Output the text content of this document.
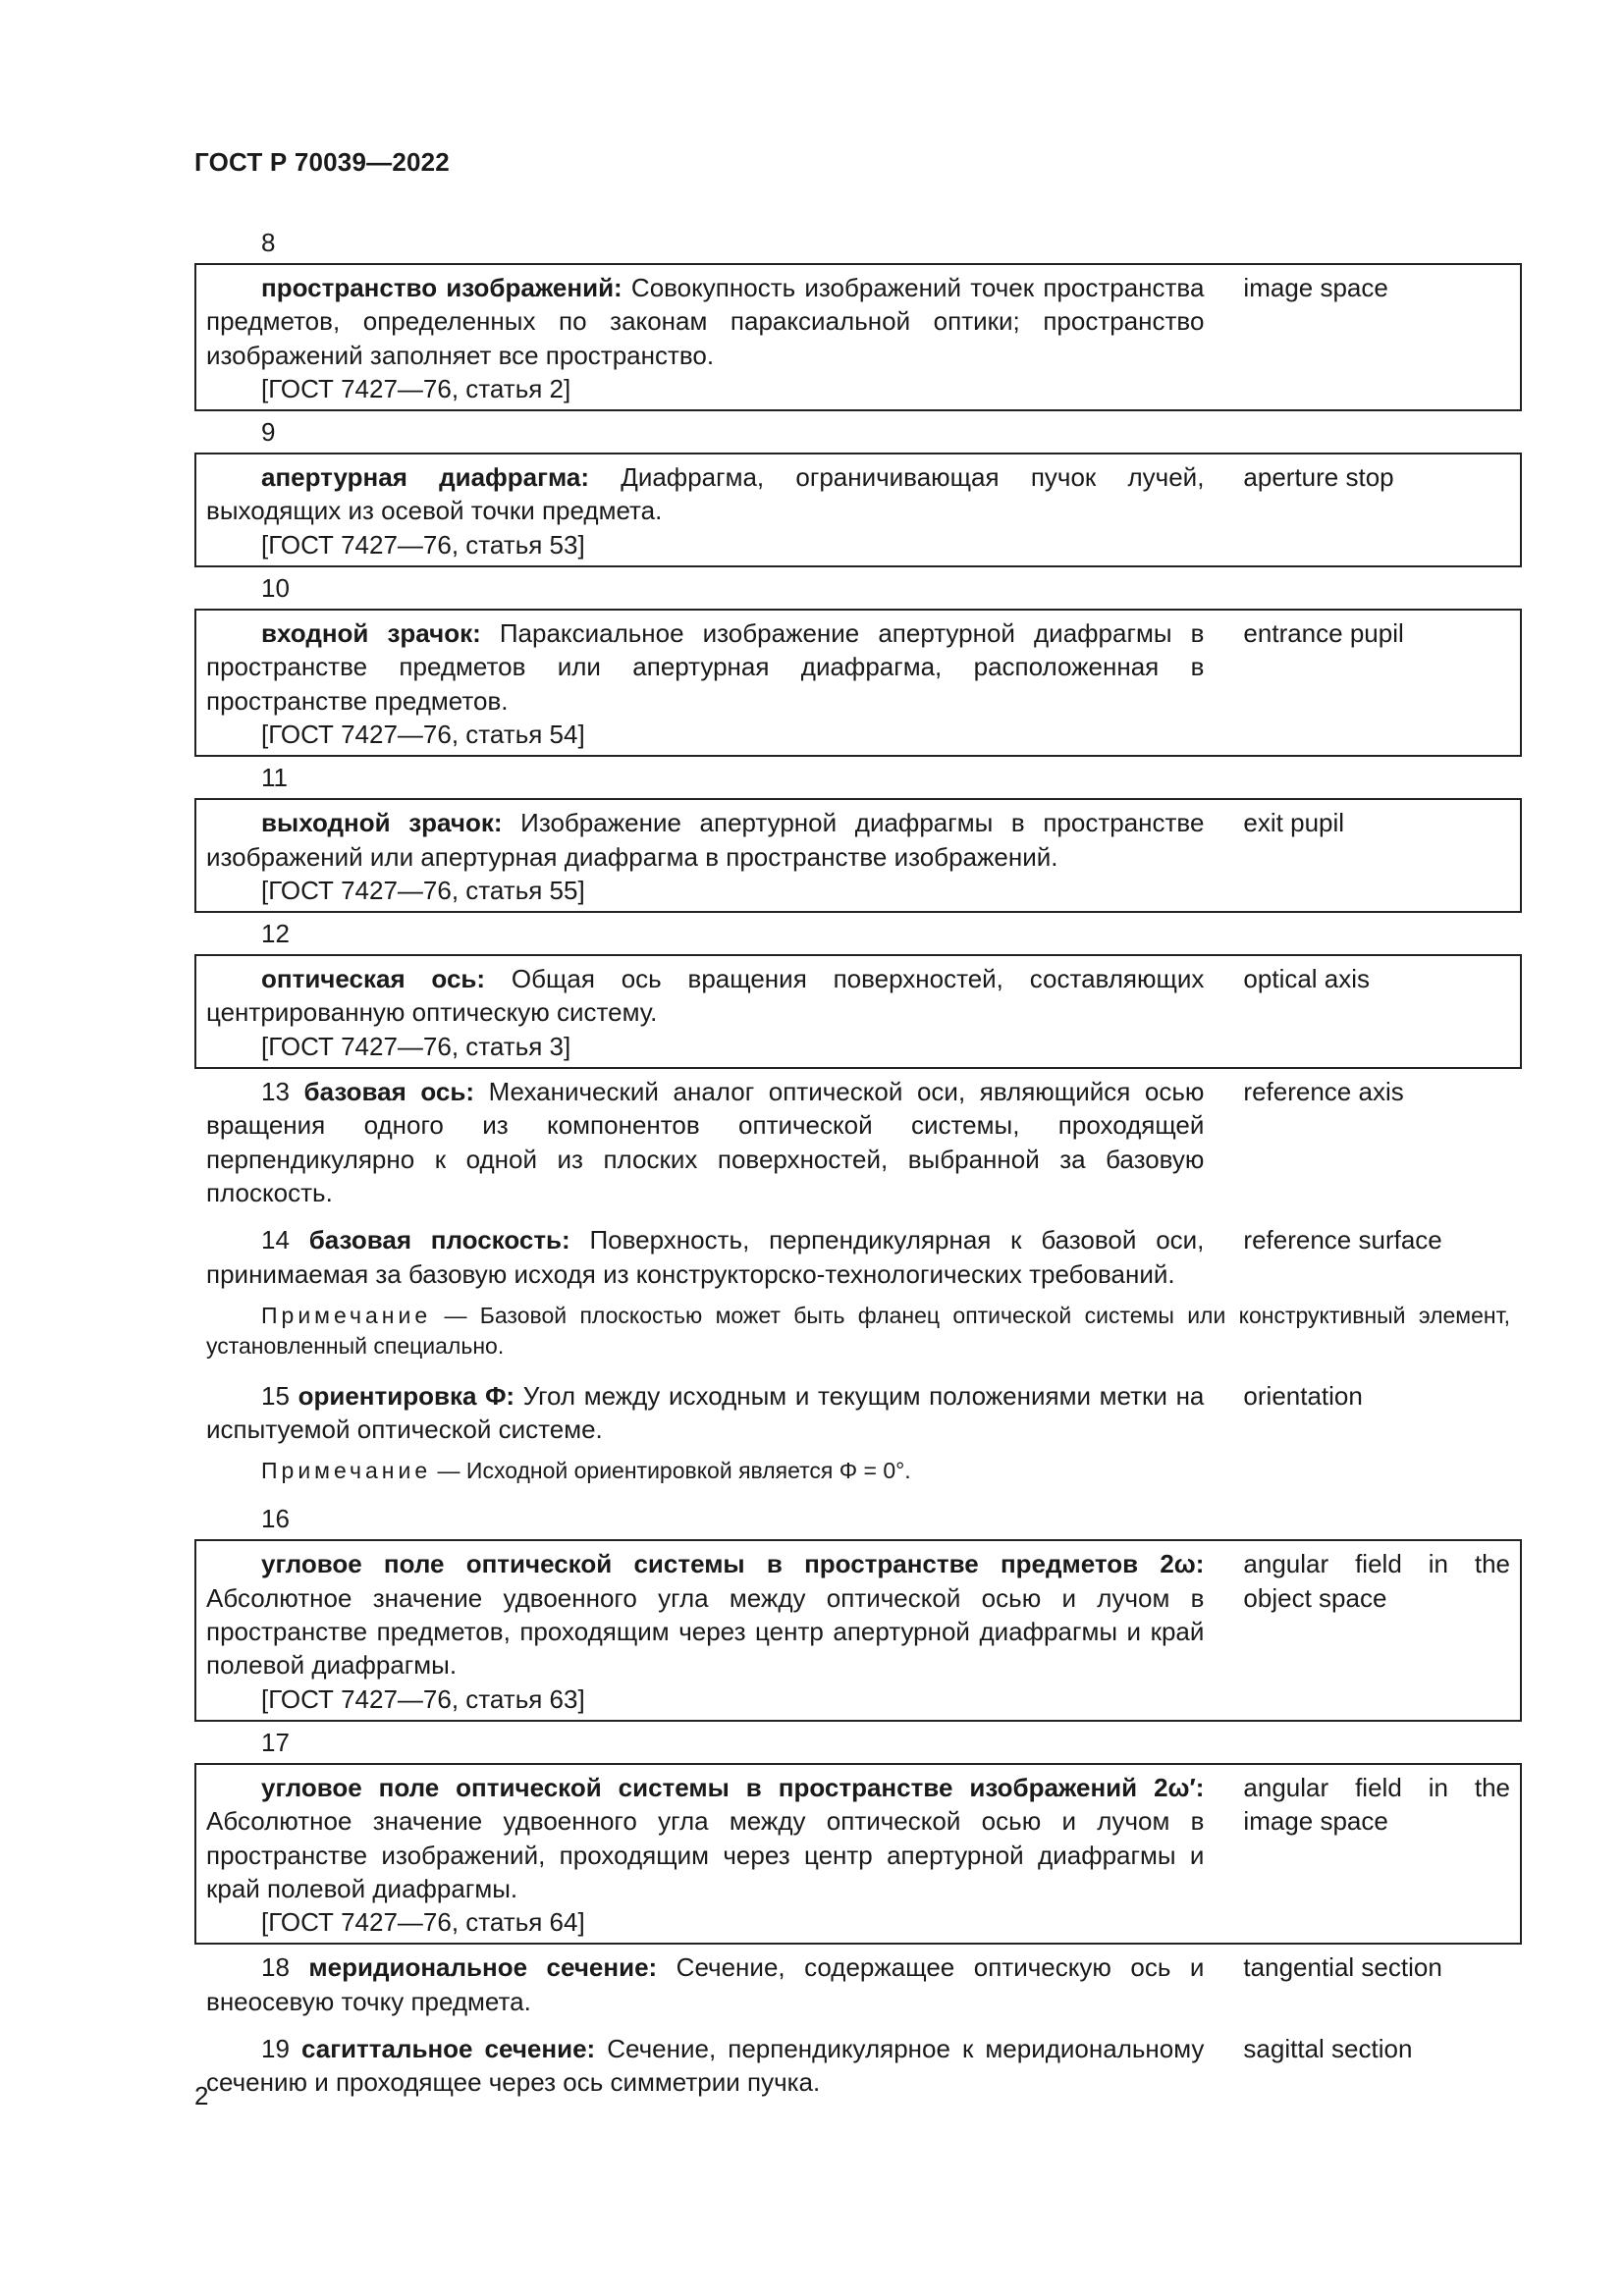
ГОСТ Р 70039—2022
8
пространство изображений: Совокупность изображений точек пространства предметов, определенных по законам параксиальной оптики; пространство изображений заполняет все пространство.
[ГОСТ 7427—76, статья 2]
image space
9
апертурная диафрагма: Диафрагма, ограничивающая пучок лучей, выходящих из осевой точки предмета.
[ГОСТ 7427—76, статья 53]
aperture stop
10
входной зрачок: Параксиальное изображение апертурной диафрагмы в пространстве предметов или апертурная диафрагма, расположенная в пространстве предметов.
[ГОСТ 7427—76, статья 54]
entrance pupil
11
выходной зрачок: Изображение апертурной диафрагмы в пространстве изображений или апертурная диафрагма в пространстве изображений.
[ГОСТ 7427—76, статья 55]
exit pupil
12
оптическая ось: Общая ось вращения поверхностей, составляющих центрированную оптическую систему.
[ГОСТ 7427—76, статья 3]
optical axis
13 базовая ось: Механический аналог оптической оси, являющийся осью вращения одного из компонентов оптической системы, проходящей перпендикулярно к одной из плоских поверхностей, выбранной за базовую плоскость.
reference axis
14 базовая плоскость: Поверхность, перпендикулярная к базовой оси, принимаемая за базовую исходя из конструкторско-технологических требований.
reference surface
Примечание — Базовой плоскостью может быть фланец оптической системы или конструктивный элемент, установленный специально.
15 ориентировка Φ: Угол между исходным и текущим положениями метки на испытуемой оптической системе.
orientation
Примечание — Исходной ориентировкой является Φ = 0°.
16
угловое поле оптической системы в пространстве предметов 2ω: Абсолютное значение удвоенного угла между оптической осью и лучом в пространстве предметов, проходящим через центр апертурной диафрагмы и край полевой диафрагмы.
[ГОСТ 7427—76, статья 63]
angular field in the object space
17
угловое поле оптической системы в пространстве изображений 2ω′: Абсолютное значение удвоенного угла между оптической осью и лучом в пространстве изображений, проходящим через центр апертурной диафрагмы и край полевой диафрагмы.
[ГОСТ 7427—76, статья 64]
angular field in the image space
18 меридиональное сечение: Сечение, содержащее оптическую ось и внеосевую точку предмета.
tangential section
19 сагиттальное сечение: Сечение, перпендикулярное к меридиональному сечению и проходящее через ось симметрии пучка.
sagittal section
2
